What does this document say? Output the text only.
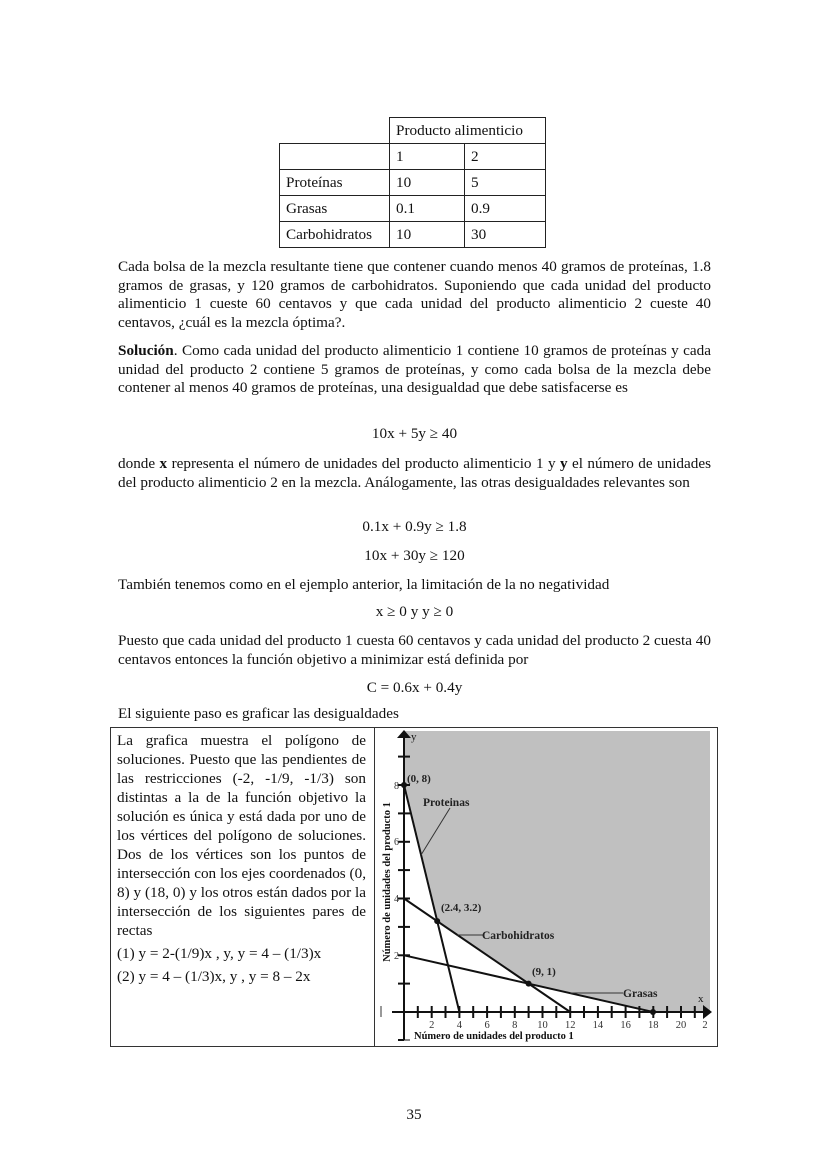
	Producto alimenticio	
	1	2
Proteínas	10	5
Grasas	0.1	0.9
Carbohidratos	10	30

Cada bolsa de la mezcla resultante tiene que contener cuando menos 40 gramos de proteínas, 1.8 gramos de grasas, y 120 gramos de carbohidratos. Suponiendo que cada unidad del producto alimenticio 1 cueste 60 centavos y que cada unidad del producto alimenticio 2 cueste 40 centavos, ¿cuál es la mezcla óptima?.

Solución. Como cada unidad del producto alimenticio 1 contiene 10 gramos de proteínas y cada unidad del producto 2 contiene 5 gramos de proteínas, y como cada bolsa de la mezcla debe contener al menos 40 gramos de proteínas, una desigualdad que debe satisfacerse es

10x + 5y ≥ 40

donde x representa el número de unidades del producto alimenticio 1 y y el número de unidades del producto alimenticio 2 en la mezcla. Análogamente, las otras desigualdades relevantes son

0.1x + 0.9y ≥ 1.8
10x + 30y ≥ 120

También tenemos como en el ejemplo anterior, la limitación de la no negatividad

x ≥ 0 y y ≥ 0

Puesto que cada unidad del producto 1 cuesta 60 centavos y cada unidad del producto 2 cuesta 40 centavos entonces la función objetivo a minimizar está definida por

C = 0.6x + 0.4y

El siguiente paso es graficar las desigualdades

La grafica muestra el polígono de soluciones. Puesto que las pendientes de las restricciones (-2, -1/9, -1/3) son distintas a la de la función objetivo la solución es única y está dada por uno de los vértices del polígono de soluciones. Dos de los vértices son los puntos de intersección con los ejes coordenados (0, 8) y (18, 0) y los otros están dados por la intersección de los siguientes pares de rectas
(1) y = 2-(1/9)x , y, y = 4 – (1/3)x
(2) y = 4 – (1/3)x, y , y = 8 – 2x
y
2
4
6
8
Número de unidades del producto 1
x
2 4 6 8 10 12 14 16 18 20 2
Número de unidades del producto 1
(0, 8)
(2.4, 3.2)
(9, 1)
Proteinas
Carbohidratos
Grasas
35
